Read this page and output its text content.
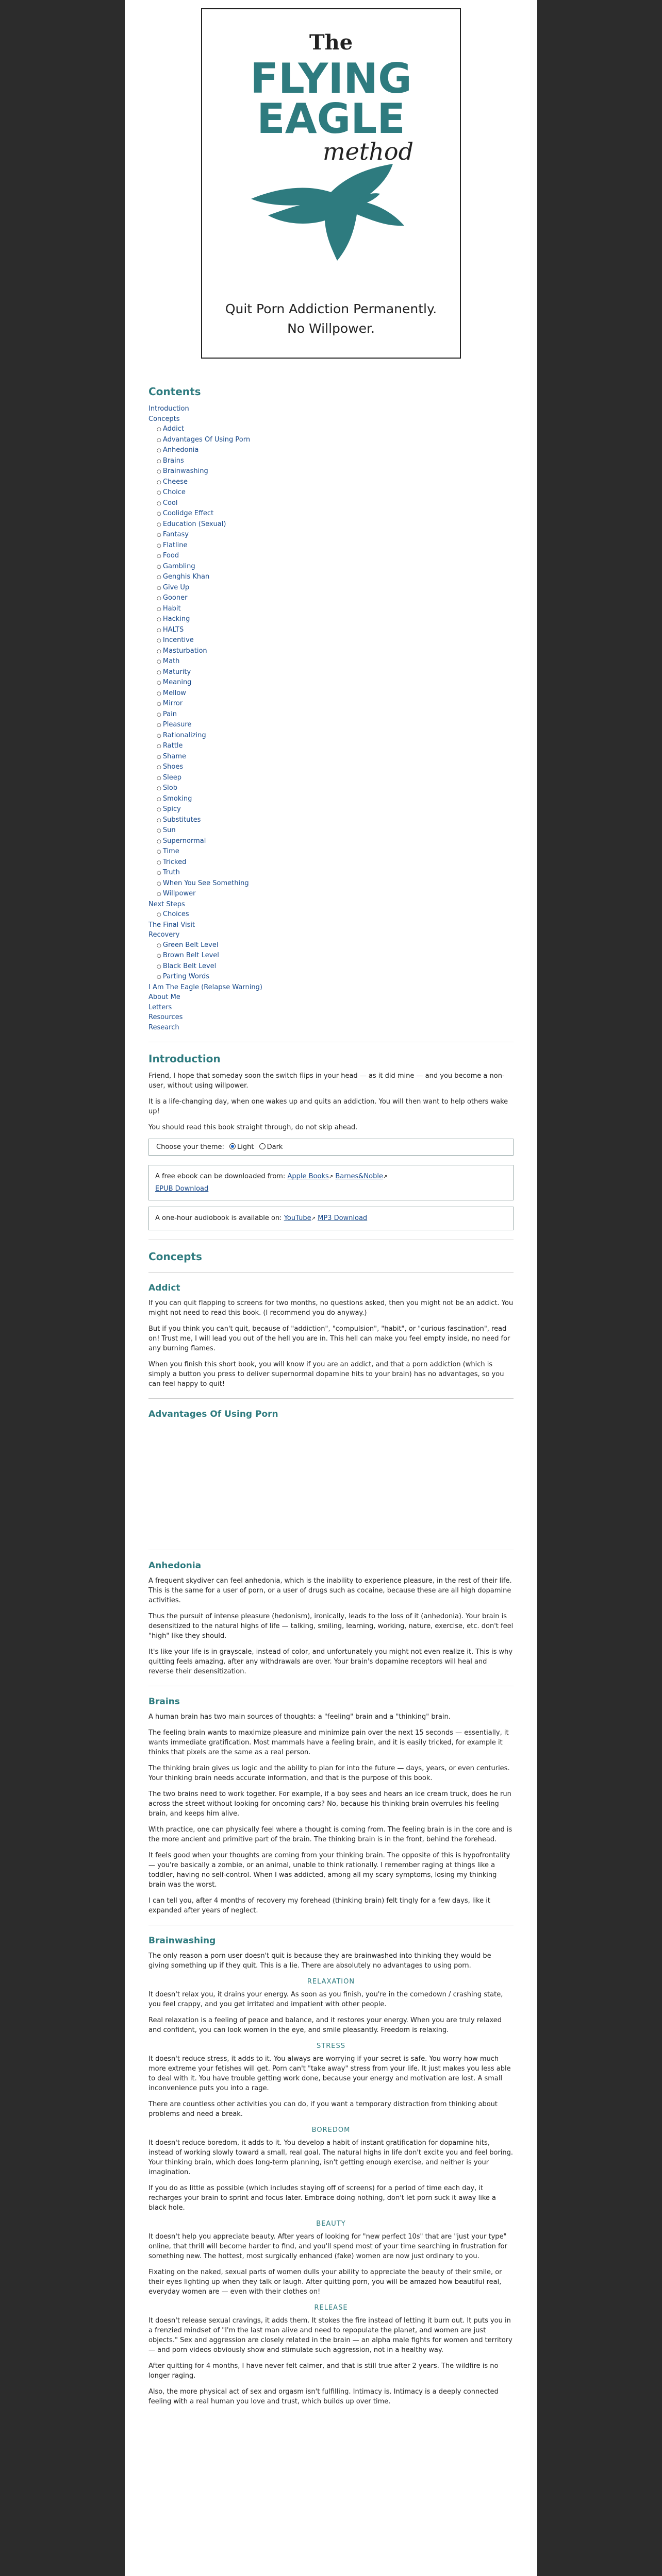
The
FLYING
EAGLE
method
Quit Porn Addiction Permanently.
No Willpower.
Contents
Introduction
Concepts
○ Addict
○ Advantages Of Using Porn
○ Anhedonia
○ Brains
○ Brainwashing
○ Cheese
○ Choice
○ Cool
○ Coolidge Effect
○ Education (Sexual)
○ Fantasy
○ Flatline
○ Food
○ Gambling
○ Genghis Khan
○ Give Up
○ Gooner
○ Habit
○ Hacking
○ HALTS
○ Incentive
○ Masturbation
○ Math
○ Maturity
○ Meaning
○ Mellow
○ Mirror
○ Pain
○ Pleasure
○ Rationalizing
○ Rattle
○ Shame
○ Shoes
○ Sleep
○ Slob
○ Smoking
○ Spicy
○ Substitutes
○ Sun
○ Supernormal
○ Time
○ Tricked
○ Truth
○ When You See Something
○ Willpower
Next Steps
○ Choices
The Final Visit
Recovery
○ Green Belt Level
○ Brown Belt Level
○ Black Belt Level
○ Parting Words
I Am The Eagle (Relapse Warning)
About Me
Letters
Resources
Research
Introduction

Friend, I hope that someday soon the switch flips in your head — as it did mine — and you become a non-user, without using willpower.

It is a life-changing day, when one wakes up and quits an addiction. You will then want to help others wake up!

You should read this book straight through, do not skip ahead.

Choose your theme: Light Dark

A free ebook can be downloaded from: Apple Books↗ Barnes&Noble↗

EPUB Download

A one-hour audiobook is available on: YouTube↗ MP3 Download

Concepts
Addict

If you can quit flapping to screens for two months, no questions asked, then you might not be an addict. You might not need to read this book. (I recommend you do anyway.)

But if you think you can't quit, because of "addiction", "compulsion", "habit", or "curious fascination", read on! Trust me, I will lead you out of the hell you are in. This hell can make you feel empty inside, no need for any burning flames.

When you finish this short book, you will know if you are an addict, and that a porn addiction (which is simply a button you press to deliver supernormal dopamine hits to your brain) has no advantages, so you can feel happy to quit!

Advantages Of Using Porn
Anhedonia

A frequent skydiver can feel anhedonia, which is the inability to experience pleasure, in the rest of their life. This is the same for a user of porn, or a user of drugs such as cocaine, because these are all high dopamine activities.

Thus the pursuit of intense pleasure (hedonism), ironically, leads to the loss of it (anhedonia). Your brain is desensitized to the natural highs of life — talking, smiling, learning, working, nature, exercise, etc. don't feel "high" like they should.

It's like your life is in grayscale, instead of color, and unfortunately you might not even realize it. This is why quitting feels amazing, after any withdrawals are over. Your brain's dopamine receptors will heal and reverse their desensitization.

Brains

A human brain has two main sources of thoughts: a "feeling" brain and a "thinking" brain.

The feeling brain wants to maximize pleasure and minimize pain over the next 15 seconds — essentially, it wants immediate gratification. Most mammals have a feeling brain, and it is easily tricked, for example it thinks that pixels are the same as a real person.

The thinking brain gives us logic and the ability to plan for into the future — days, years, or even centuries. Your thinking brain needs accurate information, and that is the purpose of this book.

The two brains need to work together. For example, if a boy sees and hears an ice cream truck, does he run across the street without looking for oncoming cars? No, because his thinking brain overrules his feeling brain, and keeps him alive.

With practice, one can physically feel where a thought is coming from. The feeling brain is in the core and is the more ancient and primitive part of the brain. The thinking brain is in the front, behind the forehead.

It feels good when your thoughts are coming from your thinking brain. The opposite of this is hypofrontality — you're basically a zombie, or an animal, unable to think rationally. I remember raging at things like a toddler, having no self-control. When I was addicted, among all my scary symptoms, losing my thinking brain was the worst.

I can tell you, after 4 months of recovery my forehead (thinking brain) felt tingly for a few days, like it expanded after years of neglect.

Brainwashing

The only reason a porn user doesn't quit is because they are brainwashed into thinking they would be giving something up if they quit. This is a lie. There are absolutely no advantages to using porn.

RELAXATION

It doesn't relax you, it drains your energy. As soon as you finish, you're in the comedown / crashing state, you feel crappy, and you get irritated and impatient with other people.

Real relaxation is a feeling of peace and balance, and it restores your energy. When you are truly relaxed and confident, you can look women in the eye, and smile pleasantly. Freedom is relaxing.

STRESS

It doesn't reduce stress, it adds to it. You always are worrying if your secret is safe. You worry how much more extreme your fetishes will get. Porn can't "take away" stress from your life. It just makes you less able to deal with it. You have trouble getting work done, because your energy and motivation are lost. A small inconvenience puts you into a rage.

There are countless other activities you can do, if you want a temporary distraction from thinking about problems and need a break.

BOREDOM

It doesn't reduce boredom, it adds to it. You develop a habit of instant gratification for dopamine hits, instead of working slowly toward a small, real goal. The natural highs in life don't excite you and feel boring. Your thinking brain, which does long-term planning, isn't getting enough exercise, and neither is your imagination.

If you do as little as possible (which includes staying off of screens) for a period of time each day, it recharges your brain to sprint and focus later. Embrace doing nothing, don't let porn suck it away like a black hole.

BEAUTY

It doesn't help you appreciate beauty. After years of looking for "new perfect 10s" that are "just your type" online, that thrill will become harder to find, and you'll spend most of your time searching in frustration for something new. The hottest, most surgically enhanced (fake) women are now just ordinary to you.

Fixating on the naked, sexual parts of women dulls your ability to appreciate the beauty of their smile, or their eyes lighting up when they talk or laugh. After quitting porn, you will be amazed how beautiful real, everyday women are — even with their clothes on!

RELEASE

It doesn't release sexual cravings, it adds them. It stokes the fire instead of letting it burn out. It puts you in a frenzied mindset of "I'm the last man alive and need to repopulate the planet, and women are just objects." Sex and aggression are closely related in the brain — an alpha male fights for women and territory — and porn videos obviously show and stimulate such aggression, not in a healthy way.

After quitting for 4 months, I have never felt calmer, and that is still true after 2 years. The wildfire is no longer raging.

Also, the more physical act of sex and orgasm isn't fulfilling. Intimacy is. Intimacy is a deeply connected feeling with a real human you love and trust, which builds up over time.
